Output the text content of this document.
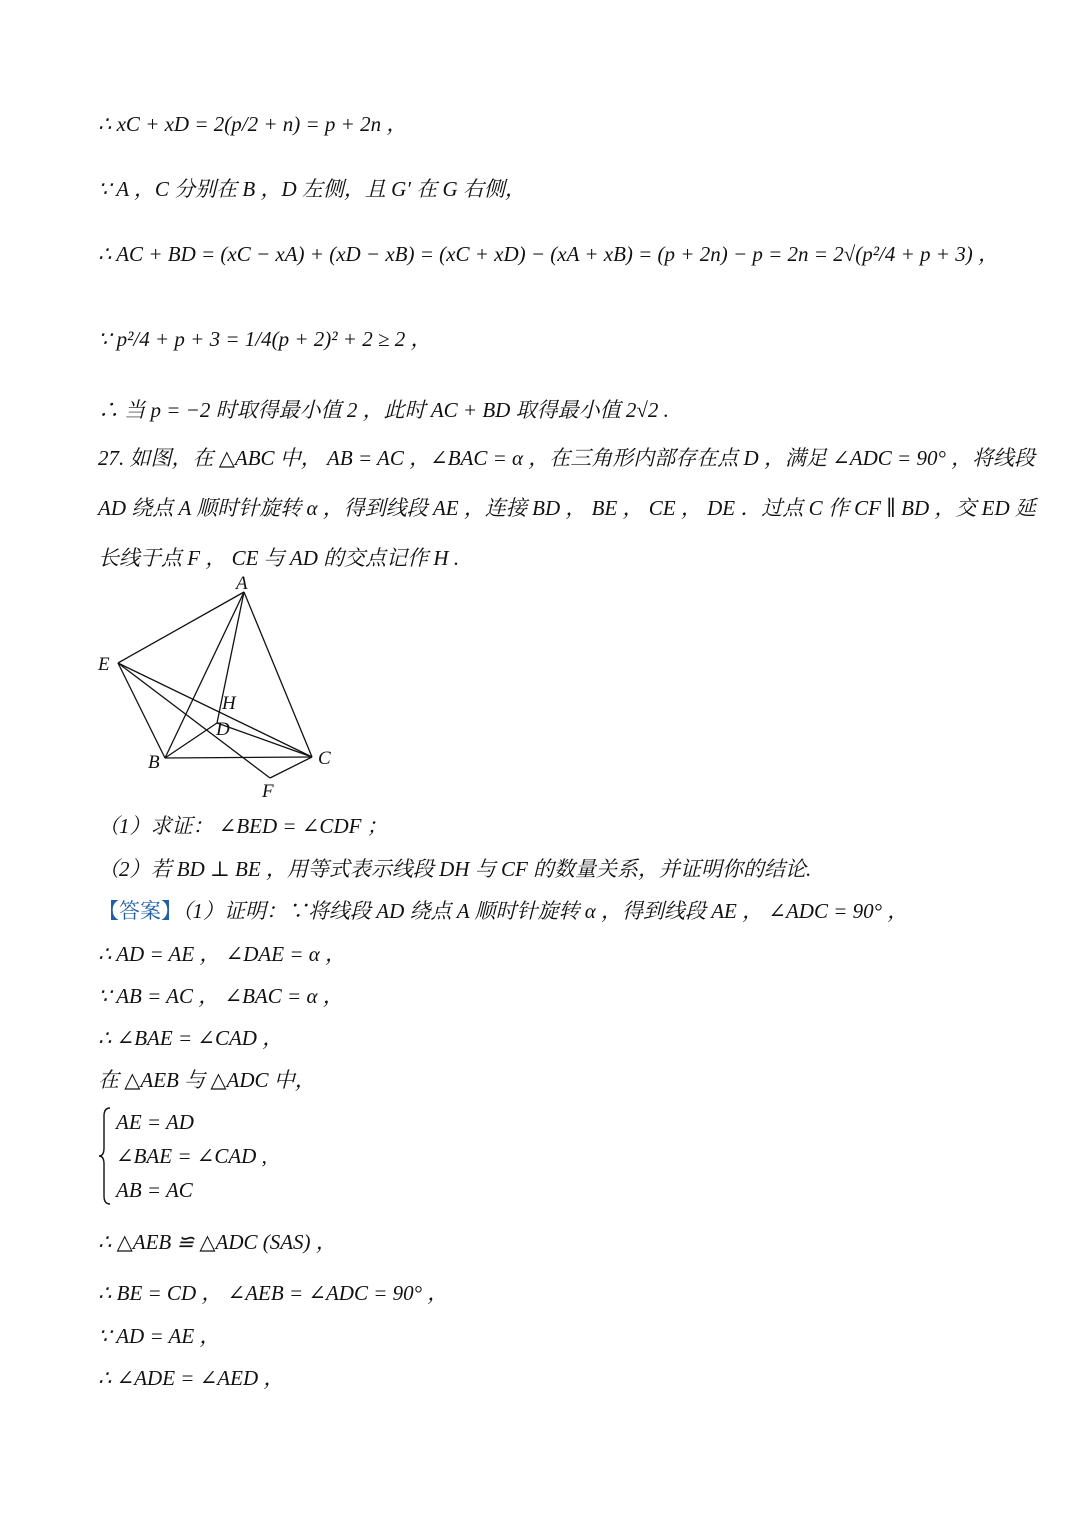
∴ xC + xD = 2(p/2 + n) = p + 2n ，
∵ A ，C 分别在 B ，D 左侧，且 G′ 在 G 右侧，
∴ AC + BD = (xC − xA) + (xD − xB) = (xC + xD) − (xA + xB) = (p + 2n) − p = 2n = 2√(p²/4 + p + 3) ，
∵ p²/4 + p + 3 = 1/4(p + 2)² + 2 ≥ 2 ，
∴ 当 p = −2 时取得最小值 2 ，此时 AC + BD 取得最小值 2√2 .
27. 如图，在 △ABC 中， AB = AC ，∠BAC = α ，在三角形内部存在点 D ，满足 ∠ADC = 90° ，将线段
AD 绕点 A 顺时针旋转 α ，得到线段 AE ，连接 BD ， BE ， CE ， DE ．过点 C 作 CF ∥ BD ，交 ED 延
长线于点 F ， CE 与 AD 的交点记作 H .
（1）求证： ∠BED = ∠CDF ；
（2）若 BD ⊥ BE ，用等式表示线段 DH 与 CF 的数量关系，并证明你的结论.
【答案】（1）证明：∵将线段 AD 绕点 A 顺时针旋转 α ，得到线段 AE ， ∠ADC = 90° ，
∴ AD = AE ， ∠DAE = α ，
∵ AB = AC ， ∠BAC = α ，
∴ ∠BAE = ∠CAD ，
在 △AEB 与 △ADC 中，
∴ △AEB ≌ △ADC (SAS) ，
∴ BE = CD ， ∠AEB = ∠ADC = 90° ，
∵ AD = AE ，
∴ ∠ADE = ∠AED ，
AE = AD
∠BAE = ∠CAD ,
AB = AC
A
E
H
D
B	C
F
